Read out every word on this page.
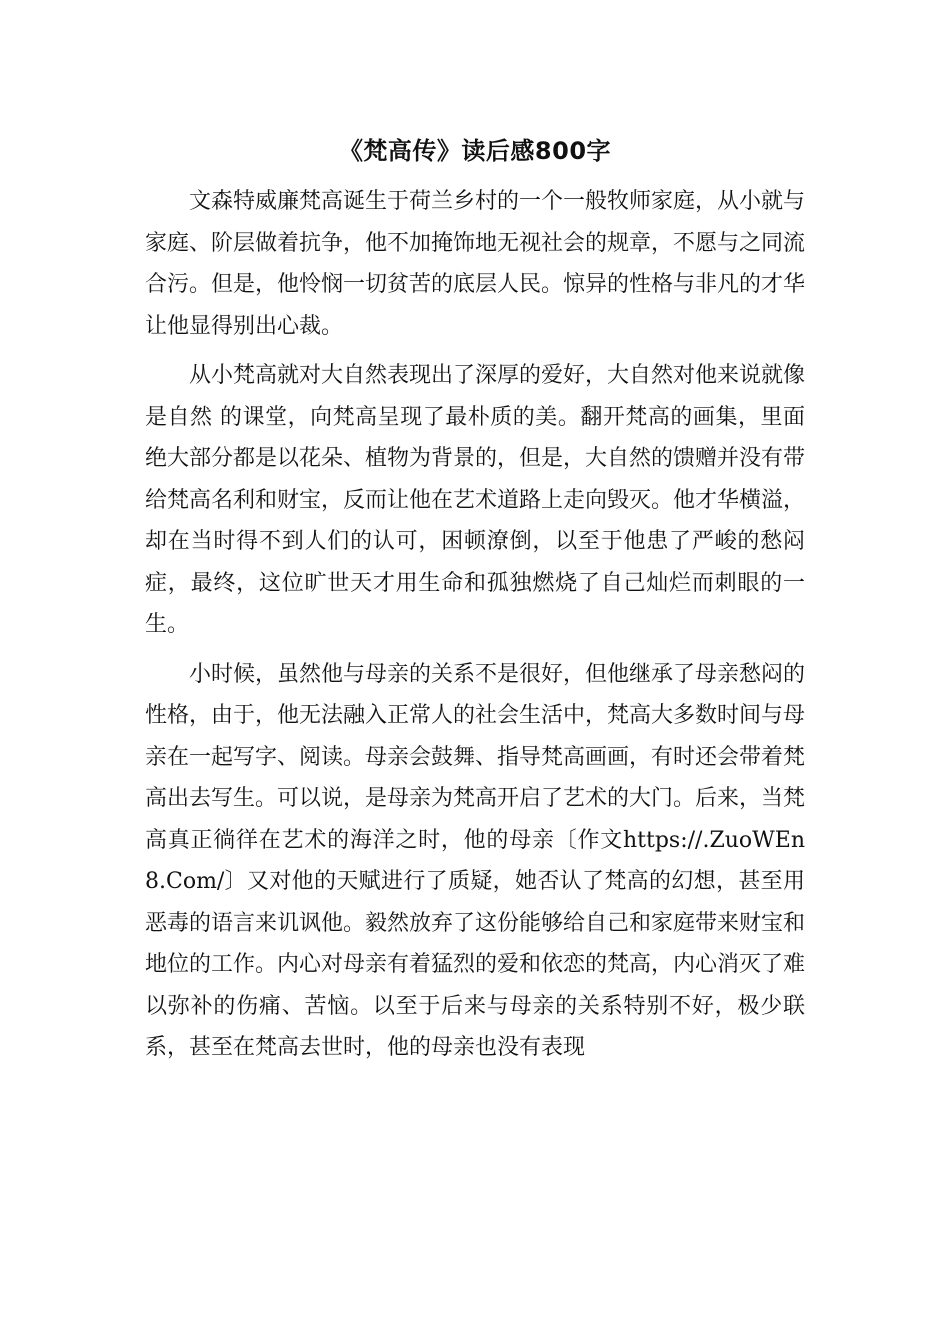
《梵高传》读后感800字

文森特威廉梵高诞生于荷兰乡村的一个一般牧师家庭，从小就与家庭、阶层做着抗争，他不加掩饰地无视社会的规章，不愿与之同流合污。但是，他怜悯一切贫苦的底层人民。惊异的性格与非凡的才华让他显得别出心裁。

从小梵高就对大自然表现出了深厚的爱好，大自然对他来说就像是自然 的课堂，向梵高呈现了最朴质的美。翻开梵高的画集，里面绝大部分都是以花朵、植物为背景的，但是，大自然的馈赠并没有带给梵高名利和财宝，反而让他在艺术道路上走向毁灭。他才华横溢，却在当时得不到人们的认可，困顿潦倒，以至于他患了严峻的愁闷症，最终，这位旷世天才用生命和孤独燃烧了自己灿烂而刺眼的一生。

小时候，虽然他与母亲的关系不是很好，但他继承了母亲愁闷的性格，由于，他无法融入正常人的社会生活中，梵高大多数时间与母亲在一起写字、阅读。母亲会鼓舞、指导梵高画画，有时还会带着梵高出去写生。可以说，是母亲为梵高开启了艺术的大门。后来，当梵高真正徜徉在艺术的海洋之时，他的母亲〔作文https://.ZuoWEn8.Com/〕又对他的天赋进行了质疑，她否认了梵高的幻想，甚至用恶毒的语言来讥讽他。毅然放弃了这份能够给自己和家庭带来财宝和地位的工作。内心对母亲有着猛烈的爱和依恋的梵高，内心消灭了难以弥补的伤痛、苦恼。以至于后来与母亲的关系特别不好，极少联系，甚至在梵高去世时，他的母亲也没有表现
